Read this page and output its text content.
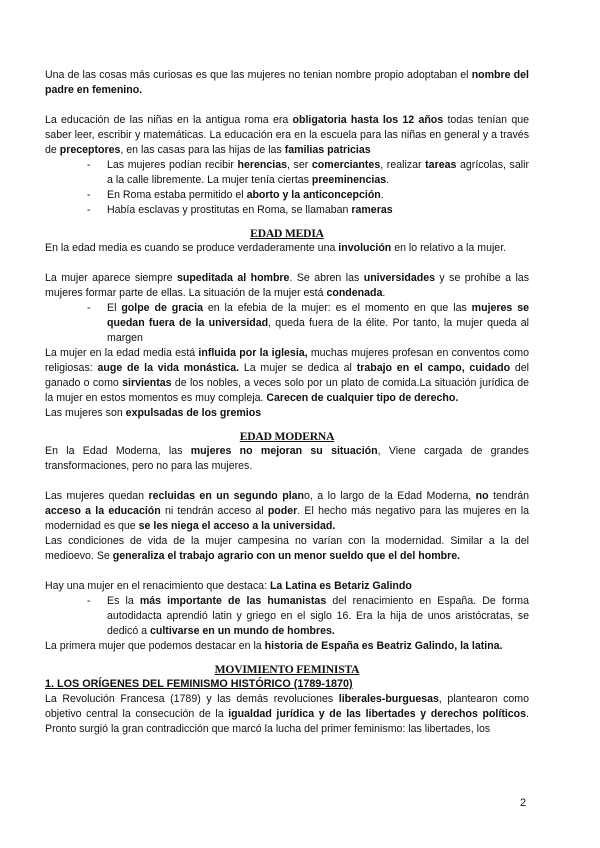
Una de las cosas más curiosas es que las mujeres no tenian nombre propio adoptaban el nombre del padre en femenino.

La educación de las niñas en la antigua roma era obligatoria hasta los 12 años todas tenían que saber leer, escribir y matemáticas. La educación era en la escuela para las niñas en general y a través de preceptores, en las casas para las hijas de las familias patricias

- Las mujeres podían recibir herencias, ser comerciantes, realizar tareas agrícolas, salir a la calle libremente. La mujer tenía ciertas preeminencias.
- En Roma estaba permitido el aborto y la anticoncepción.
- Había esclavas y prostitutas en Roma, se llamaban rameras
EDAD MEDIA

En la edad media es cuando se produce verdaderamente una involución en lo relativo a la mujer.

La mujer aparece siempre supeditada al hombre. Se abren las universidades y se prohíbe a las mujeres formar parte de ellas. La situación de la mujer está condenada.

- El golpe de gracia en la efebia de la mujer: es el momento en que las mujeres se quedan fuera de la universidad, queda fuera de la élite. Por tanto, la mujer queda al margen

La mujer en la edad media está influida por la iglesia, muchas mujeres profesan en conventos como religiosas: auge de la vida monástica. La mujer se dedica al trabajo en el campo, cuidado del ganado o como sirvientas de los nobles, a veces solo por un plato de comida.La situación jurídica de la mujer en estos momentos es muy compleja. Carecen de cualquier tipo de derecho.

Las mujeres son expulsadas de los gremios

EDAD MODERNA

En la Edad Moderna, las mujeres no mejoran su situación, Viene cargada de grandes transformaciones, pero no para las mujeres.

Las mujeres quedan recluidas en un segundo plano, a lo largo de la Edad Moderna, no tendrán acceso a la educación ni tendrán acceso al poder. El hecho más negativo para las mujeres en la modernidad es que se les niega el acceso a la universidad.

Las condiciones de vida de la mujer campesina no varían con la modernidad. Similar a la del medioevo. Se generaliza el trabajo agrario con un menor sueldo que el del hombre.

Hay una mujer en el renacimiento que destaca: La Latina es Betariz Galindo

- Es la más importante de las humanistas del renacimiento en España. De forma autodidacta aprendió latin y griego en el siglo 16. Era la hija de unos aristócratas, se dedicó a cultivarse en un mundo de hombres.

La primera mujer que podemos destacar en la historia de España es Beatriz Galindo, la latina.

MOVIMIENTO FEMINISTA
1. LOS ORÍGENES DEL FEMINISMO HISTÓRICO (1789-1870)

La Revolución Francesa (1789) y las demás revoluciones liberales-burguesas, plantearon como objetivo central la consecución de la igualdad jurídica y de las libertades y derechos políticos. Pronto surgió la gran contradicción que marcó la lucha del primer feminismo: las libertades, los

2
